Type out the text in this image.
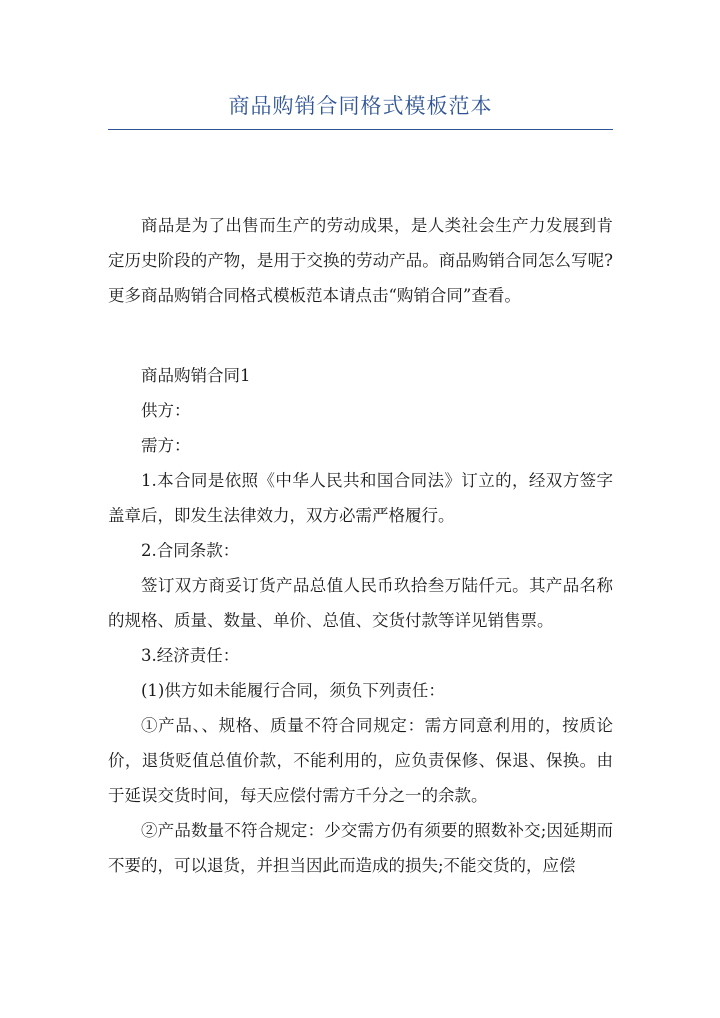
商品购销合同格式模板范本

商品是为了出售而生产的劳动成果，是人类社会生产力发展到肯定历史阶段的产物，是用于交换的劳动产品。商品购销合同怎么写呢?更多商品购销合同格式模板范本请点击“购销合同”查看。

商品购销合同1

供方：

需方：

1.本合同是依照《中华人民共和国合同法》订立的，经双方签字盖章后，即发生法律效力，双方必需严格履行。

2.合同条款：

签订双方商妥订货产品总值人民币玖拾叁万陆仟元。其产品名称的规格、质量、数量、单价、总值、交货付款等详见销售票。

3.经济责任：

(1)供方如未能履行合同，须负下列责任：

①产品、、规格、质量不符合同规定：需方同意利用的，按质论价，退货贬值总值价款，不能利用的，应负责保修、保退、保换。由于延误交货时间，每天应偿付需方千分之一的余款。

②产品数量不符合规定：少交需方仍有须要的照数补交;因延期而不要的，可以退货，并担当因此而造成的损失;不能交货的，应偿
